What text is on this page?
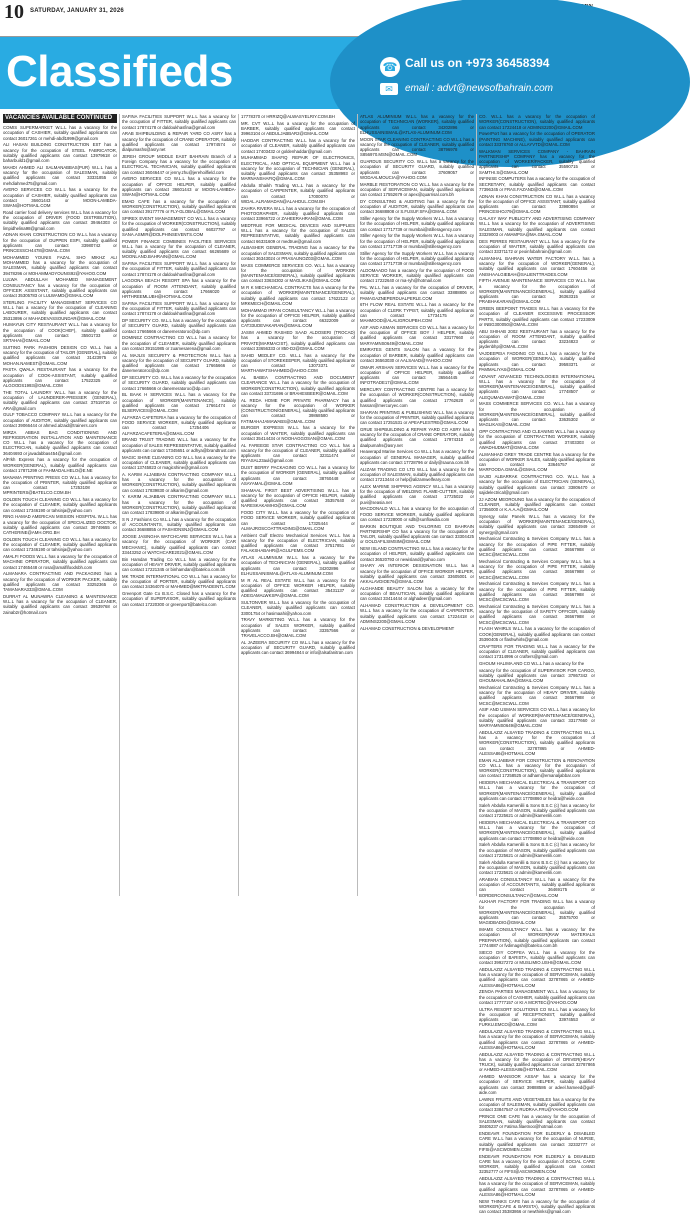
10 SATURDAY, JANUARY 31, 2026
Classifieds	☎ Call us on +973 36458394
✉	email : advt@newsofbahrain.com
VACANCIES AVAILABLE CONTINUED

COMIS SUPERMARKET W.L.L has a vacancy for the occupation of CASHIER, suitably qualified applicants can contact 36017261 or mehdi-abdl1999@gmail.com

ALI HASAN BUILDING CONSTRUCTION EST has a vacancy for the occupation of STEEL FABRICATOR, suitably qualified applicants can contact 13979618 or baharbuild1@gmail.com

MAHDI AHMED ALI SALMANABBAS(PUR) W.L.L has a vacancy for the occupation of SALESMAN, suitably qualified applicants can contact 33331855 or mehdiahmed75@gmail.com

AVERO SERVICES CO W.L.L has a vacancy for the occupation of CASHIER, suitably qualified applicants can contact 36601443 or MOON-LAMBDA-SWAN@HOTMAIL.COM

Road carrier food delivery services W.L.L has a vacancy for the occupation of DRIVER (FOOD DISTRIBUTION), suitably qualified applicants can contact 39464303 or limpidhelina98@gmail.com

ADNAN KHAN CONSTRUCTION CO W.L.L has a vacancy for the occupation of DUPPEN ESPI, suitably qualified applicants can contact 33980742 or PRINCESSCH4478@GMAIL.COM

MOHAMMED YOUNIS FAZAL SHO MIKHZ ALI MOHAMMED has a vacancy for the occupation of SALESMAN, suitably qualified applicants can contact 39478296 or MOHAMMADYOUNIS92@YAHOO.COM

LULWA ABDULLAH MOHAMED MANAGEMENT CONSULTANCY has a vacancy for the occupation of OFFICER ASSISTANT, suitably qualified applicants can contact 35305783 or LULWAMD@GMAIL.COM

STERLING FACILITY MANAGEMENT SERVICES CO W.L.L has a vacancy for the occupation of CLEANING LABOURER, suitably qualified applicants can contact 35313896 or MAHADEVASSOUNDAR@GMAIL.COM

HUMAYUN CITY RESTAURANT W.L.L has a vacancy for the occupation of COOK(CHEF), suitably qualified applicants can contact 35501733 or SRTAHAI@GMAIL.COM

SUITING PARK FASHION DESIGN CO W.L.L has a vacancy for the occupation of TAILOR (GENERAL), suitably qualified applicants can contact 31423975 or MOHAN.NAMEST@GMAIL.COM

PASTA QWALA RESTAURANT has a vacancy for the occupation of COOK-ASSISTANT, suitably qualified applicants can contact 17522325 or ALGOODS1993@GMAIL.COM

THE TOTAL LAUNDRY W.L.L has a vacancy for the occupation of LAUNDERER-PRESSER (GENERAL), suitably qualified applicants can contact 37519716 or ARA@gmail.com

GULF TOBACCO COMPANY W.L.L has a vacancy for the occupation of AUDITOR, suitably qualified applicants can contact 39066444 or ahmed.alzaid@trainers.com

MIRZA ABBAS BAG CONDITIONING AND REFRIGERATION INSTALLATION AND MAINTENANCE CO W.L.L has a vacancy for the occupation of ELECTRICIAN, suitably qualified applicants can contact 36404693 or javadabbas454@gmail.com

AlFrkh Express has a vacancy for the occupation of WORKER(GENERAL), suitably qualified applicants can contact 17871299 or FAHMADALHELO@E.NE

MANAMA PRINTING PRESS CO W.L.L has a vacancy for the occupation of PRINTER, suitably qualified applicants can contact 17253108 or MPRINTERS@BATELCO.COM.BH

GOLDEN TOUCH CLEANING CO W.L.L has a vacancy for the occupation of CLEANER, suitably qualified applicants can contact 17346190 or tahsinja@yahoo.com

RING HAMAD AMERICAN MISSION HOSPITAL W.L.L has a vacancy for the occupation of SPECIALIZED DOCTOR, suitably qualified applicants can contact 39749655 or CATHERINE@AMH.ORG.BH

GOLDEN TOUCH CLEANING CO W.L.L has a vacancy for the occupation of CLEANER, suitably qualified applicants can contact 17346190 or tahsinja@yahoo.com

AMALFI FOODS W.L.L has a vacancy for the occupation of MACHINE OPERATOR, suitably qualified applicants can contact 17465448 or rosa@amalfifoodsbh.com

ALMANARA CONTRACTING AND PACKAGING has a vacancy for the occupation of WORKER PACKER, suitably qualified applicants can contact 33252365 or TAMANARA333@GMAIL.COM

DURRAT AL MUNAWRA CLEANING & MAINTENANCE W.L.L has a vacancy for the occupation of CLEANER, suitably qualified applicants can contact 39539768 or zainab2r@hotmail.com

SAFINA FACILITIES SUPPORT W.L.L has a vacancy for the occupation of FITTER, suitably qualified applicants can contact 17874178 or daldoukhasfina@gmail.com

ARAB SHIPBUILDING & REPAIR YARD CO ASRY has a vacancy for the occupation of CRANE OPERATOR, suitably qualified applicants can contact 17974574 or dialpumashs@asry.net

JEREH GROUP MIDDLE EAST BAHRAIN Branch of a Foreign Company has a vacancy for the occupation of ELECTRICAL TECHNICIAN, suitably qualified applicants can contact 36046447 or jenny.zhu@jerehoilfield.com

AVERO SERVICES CO W.L.L has a vacancy for the occupation of OFFICE HELPER, suitably qualified applicants can contact 36601443 or MOON-LAMBDA-SWAN@HOTMAIL.COM

EMAD CAFE has a vacancy for the occupation of WORKER(CONSTRUCTION), suitably qualified applicants can contact 39177776 or FLY-GLOBAL@GMAIL.COM

SPIREX EVENT MANAGEMENT CO W.L.L has a vacancy for the occupation of WORKER(CONSTRUCTION), suitably qualified applicants can contact 66027797 or SANA.ASMIR@DOLPHINSEVENTS.COM

POWER FINANCE COMBINES FACILITIES SERVICES W.L.L has a vacancy for the occupation of CLEANER, suitably qualified applicants can contact 66265689 or MOONLAND.BAHRAIN@GMAIL.COM

SAFINA FACILITIES SUPPORT W.L.L has a vacancy for the occupation of FITTER, suitably qualified applicants can contact 17874178 or daldoukhasfina@gmail.com

LAGOONA BEACH RESORT SPA has a vacancy for the occupation of ROOM ATTENDANT, suitably qualified applicants can contact 17666020 or HRTHREEMLUBH@HOTMAIL.COM

SAFINA FACILITIES SUPPORT W.L.L has a vacancy for the occupation of FITTER, suitably qualified applicants can contact 17874178 or daldoukhasfina@gmail.com

DP SECURITY CO. W.L.L has a vacancy for the occupation of SECURITY GUARD, suitably qualified applicants can contact 17665666 or danemeratoroc@dp.com

DOMINEZ CONTRACTING CO W.L.L has a vacancy for the occupation of CLEANER, suitably qualified applicants can contact 39151985 or zuamesarena@gmail.com

AL MAJLIS SECURITY & PROTECTION W.L.L has a vacancy for the occupation of SECURITY GUARD, suitably qualified applicants can contact 17665666 or danemeratoroc@dp.com

DP SECURITY CO. W.L.L has a vacancy for the occupation of SECURITY GUARD, suitably qualified applicants can contact 17665666 or danemeratoroc@dp.com

BL BAAK H SERVICES W.L.L has a vacancy for the occupation of WORKER(MAINTENANCE), suitably qualified applicants can contact 17661474 or BLSERVICES@GMAIL.COM

ALFARZA CAFETERIA has a vacancy for the occupation of FOOD SERVICE WORKER, suitably qualified applicants can contact 17254406 or ALFARZACAFETERIA@GMAIL.COM

BRAND TRUST TRADING W.L.L has a vacancy for the occupation of SALES REPRESENTATIVE, suitably qualified applicants can contact 17345651 or adhya@brandtrust.com

MAGIC SHINE CLEANING CO W.L.L has a vacancy for the occupation of CLEANER, suitably qualified applicants can contact 13745823 or magicshine@gmail.com

A. KARIM ALJABBAN CONTRACTING COMPANY W.L.L has a vacancy for the occupation of WORKER(CONSTRUCTION), suitably qualified applicants can contact 17839830 or alkarim@gmail.com

Y. KARIM ALJABBAN CONTRACTING COMPANY W.L.L has a vacancy for the occupation of WORKER(CONSTRUCTION), suitably qualified applicants can contact 17839800 or alkarim@gmail.com

S N J Fashions Co W.L.L has a vacancy for the occupation of ACCOUNTANTS, suitably qualified applicants can contact 36688855 or FASHIONSNJ@GMAIL.COM

JOOSE JASINGHA WATCHCARE SERVICES W.L.L has a vacancy for the occupation of WORKER (CAR MECHANIC), suitably qualified applicants can contact 33443252 or WATCHCARE2021@GMAIL.COM

Bin Hamdan Trading Co W.L.L has a vacancy for the occupation of HEAVY DRIVER, suitably qualified applicants can contact 17221345 or binhamdan@batelco.com.bh

MK TRADE INTERNATIONAL CO W.L.L has a vacancy for the occupation of PORTER, suitably qualified applicants can contact 34364070 or MAHMED@MKTRADEINTL.COM

Greenport Gate Co B.S.C. Closed has a vacancy for the occupation of SUPERVISOR, suitably qualified applicants can contact 17220300 or greenport@batelco.com

17778370 or HRRIZQ@ALWASYELRIY.COM.BH

MR. CVT W.L.L has a vacancy for the occupation of BARBER, suitably qualified applicants can contact 39963104 or ABDULJABBAR2@GMAIL.COM

HADDAR CONTRACTING W.L.L has a vacancy for the occupation of CLEANER, suitably qualified applicants can contact 17403432 or goldenhaddar@gmail.com

MUHAMMAD SHAFIQ REPAIR OF ELECTRONICS, ELECTRICAL, AND OPTICAL EQUIPMENT W.L.L has a vacancy for the occupation of TECHNICIAN (GENERAL), suitably qualified applicants can contact 35358993 or MARNANSHAFIQ@GMAIL.COM

Abdulla Shaikh Trading W.L.L has a vacancy for the occupation of CARPENTER, suitably qualified applicants can contact 17000070 or WIDAL.ALRAMADAN@ALAHDUL.COM.BH

ZAHRA RIVERA W.L.L has a vacancy for the occupation of PHOTOGRAPHER, suitably qualified applicants can contact 33966722 or ZAHEERAHRAN@GMAIL.COM

MEDTRUE FOR MEDICAL DEVICES AND SUPPLIES W.L.L has a vacancy for the occupation of SALES REPRESENTATIVE, suitably qualified applicants can contact 66331609 or medtrue@gmail.com

ALBASHER GENERAL TRADING has a vacancy for the occupation of SALESMAN, suitably qualified applicants can contact 36343024 or PRASAUNOZ03@GMAIL.COM

MASS COMMERCE SERVICES CO. W.L.L has a vacancy for the occupation of WORKER (MAINTENANCE/GENERAL), suitably qualified applicants can contact 33634302 or MAGLIKAS@GMAIL.COM

M R K MECHANICAL CONTRACTS has a vacancy for the occupation of WORKER(MAINTENANCE/GENERAL), suitably qualified applicants can contact 17622122 or MRKMECH@GMAIL.COM

MOHAMMAD IRFAN CONSULTANCY W.L.L has a vacancy for the occupation of OFFICE HELPER, suitably qualified applicants can contact 66322009 or CAT33UDEVAKARAN@GMAIL.COM

JASIM AHMED RASHED SAAD ALDOSERI (TROCAD) has a vacancy for the occupation of PRIVATE(MARMACIST), suitably qualified applicants can contact 33656333 or 850-D2@GMAIL.COM

SAHID MEDLEY CO. W.L.L has a vacancy for the occupation of STOREKEEPER, suitably qualified applicants can contact 13073371 or MARTHAWATSHAHMED@AHOO.COM

AL BABEA CONTRACTING AND DOCUMENT CLEARANCE W.L.L has a vacancy for the occupation of WORKER(CONSTRUCTION), suitably qualified applicants can contact 33731696 or BRAHESBEER@GMAIL.COM

AL REDA HOME FOR PRIVATE PHARMACY has a vacancy for the occupation of WORKER (CONSTRUCTION/GENERAL), suitably qualified applicants can contact 39868580 or FATIMAHAJAMAWABS@GMAIL.COM

BURGER EXPRESS W.L.L has a vacancy for the occupation of WAITER, suitably qualified applicants can contact 35414434 or NOOHAGGOSAN@GMAIL.COM

AL FAREEGE STAR CONTRACTING CO W.L.L has a vacancy for the occupation of CLEANER, suitably qualified applicants can contact 32311474 or RIYASAL23aul@gmail.com

DUST BERRY PACKAGING CO W.L.L has a vacancy for the occupation of WORKER (GENERAL), suitably qualified applicants can contact 38760448 or ASAYAMAL@GMAIL.COM

SHAMAAL FIRST BEST ADVERTISING W.L.L has a vacancy for the occupation of OFFICE HELPER, suitably qualified applicants can contact 35357640 or NARESKAKAMHO@GMAIL.COM

FOOD CITY W.L.L has a vacancy for the occupation of FOOD SERVICE WORKER, suitably qualified applicants can contact 17325444 or ALMAJROSCOATTRADING@GMAIL.COM

Ambient Gulf Electro Mechanical Services W.L.L has a vacancy for the occupation of ELECTRICIAN, suitably qualified applicants can contact 37517851 or FALAKSHABAHR@AGULFEMS.COM

ATLAS ALUMINIUM W.L.L has a vacancy for the occupation of TECHNICIAN (GENERAL), suitably qualified applicants can contact 34202896 or ELHUSSAINISMAIL@ATLAS-ALUMINUM.COM

M R AL REAL ESTATE W.L.L has a vacancy for the occupation of OFFICE WORKER HELPER, suitably qualified applicants can contact 35431137 or ADEGAMALWKSPA@GMAIL.COM

SULTONVER W.L.L has a vacancy for the occupation of CLEANER, suitably qualified applicants can contact 33001754 or hasimaahi@yahoo.com

TRAVY MARKETING W.L.L has a vacancy for the occupation of SALES WORKER, suitably qualified applicants can contact 33357566 or TRAVELACCO.BH@GMAIL.COM

AL JAZEERA SECURITY CO W.L.L has a vacancy for the occupation of SECURITY GUARD, suitably qualified applicants can contact 36994844 or info@alsafanitran.com

ATLAS ALUMINIUM W.L.L has a vacancy for the occupation of TECHNICIAN (WORKER), suitably qualified applicants can contact 34202896 or ELHUSSAINISMAIL@ATLAS-ALUMINUM.COM

MOON STAR CLEANING CONTRACTING CO W.L.L has a vacancy for the occupation of CLEANER, suitably qualified applicants can contact 38796978 or S856970.MSN@GMAIL.COM

GUARDUS SECURITY CO. W.L.L has a vacancy for the occupation of SECURITY GUARD, suitably qualified applicants can contact 37609057 or WODAALMOUCIA@YAHOO.COM

MARBLE RESTORATION CO W.L.L has a vacancy for the occupation of SERVICEMAN, suitably qualified applicants can contact 17552679 or apex@quarrisal.com.bh

DY CONSULTING & AUDITING has a vacancy for the occupation of AUDITOR, suitably qualified applicants can contact 36688808 or S.FUSUF.SFA@GMAIL.COM

Stiller Agency for the Supply Workers W.L.L has a vacancy for the occupation of HELPER, suitably qualified applicants can contact 17717739 or mumbai@stilleragency.com

Stiller Agency for the Supply Workers W.L.L has a vacancy for the occupation of HELPER, suitably qualified applicants can contact 17717739 or mumbai@stilleragency.com

Stiller Agency for the Supply Workers W.L.L has a vacancy for the occupation of HELPER, suitably qualified applicants can contact 17717739 or mumbai@stilleragency.com

ALDOMAADO has a vacancy for the occupation of FOOD SERVICE WORKER, suitably qualified applicants can contact 17222640 or ma-ryh@hotmail.com

PAL W.L.L has a vacancy for the occupation of DRIVER, suitably qualified applicants can contact 33888806 or PAMAGAZNEPERDUALPERLE.COM

6TH FLOW REAL ESTATE W.L.L has a vacancy for the occupation of CLERK TYPIST, suitably qualified applicants can contact 17734175 or MAHMOOD@ALALIGROUPBH.COM

ASF AND ASMAN SERVICES CO W.L.L has a vacancy for the occupation of OFFICE BOY / HELPER, suitably qualified applicants can contact 33177660 or MARYAMNS0649@GMAIL.COM

EMIRATES GENTS SALON has a vacancy for the occupation of BARBER, suitably qualified applicants can contact 36563030 or AALSAIAD@YAHOO.COM

OMAIR ARSHAN SERVICES W.L.L has a vacancy for the occupation of OFFICE HELPER, suitably qualified applicants can contact 36564445 or INFOTRADE17@GMAIL.COM

MERCURY CONTRACTING CENTRE has a vacancy for the occupation of WORKER(CONSTRUCTION), suitably qualified applicants can contact 17762620 or hassan@mercuryec.com

SHARAN PRINTING & PUBLISHING W.L.L has a vacancy for the occupation of PRINTER, suitably qualified applicants can contact 17251531 or APEAPLESTRE@GMAIL.COM

GRUE SHIPBUILDING & REPAIR YARD CO ASRY has a vacancy for the occupation of CRANE OPERATOR, suitably qualified applicants can contact 17974310 or daalpumahs@asry.net

Heaverapd Marine Services Co W.L.L has a vacancy for the occupation of GENERAL MANAGER, suitably qualified applicants can contact 17728796 or daily@sauna.com.bh

ALIZAM TRADING CO LTD W.L.L has a vacancy for the occupation of SALESMAN, suitably qualified applicants can contact 17213444 or help@alizamwelfeary.com

ALEX MARINE SHIPPING AGENCY W.L.L has a vacancy for the occupation of WELDING FLAME-CUTTER, suitably qualified applicants can contact 17725022 or puvi@seasia.net

MACDONALD W.L.L has a vacancy for the occupation of FOOD SERVICE WORKER, suitably qualified applicants can contact 17228000 or sdlt@sunflowdia.com

BARKIN BOUTIQUE AND TAILORING CO BAHRAIN PARTNERSHIP CO has a vacancy for the occupation of TAILOR, suitably qualified applicants can contact 33304425 or GOLDAFILSIMSIM@GMAIL.COM

NEW ISLAND CONTRACTING W.L.L has a vacancy for the occupation of HELPER, suitably qualified applicants can contact 36520793 or newisland@yahoo.com

SHARY AN INTERIOR DESIGNATION W.L.L has a vacancy for the occupation of OFFICE WORKER HELPER, suitably qualified applicants can contact 33605001 or AKKALAVDIOE76@GMAIL.COM

ALGHANDE BEAUTY SALON has a vacancy for the occupation of BEAUTICIAN, suitably qualified applicants can contact 33414444 or alghadeer@gmail.com

ALHAMAD CONSTRUCTION & DEVELOPMENT CO. W.L.L has a vacancy for the occupation of CARPENTER, suitably qualified applicants can contact 17224418 or ADMINS2200@GMAIL.COM

ALHAMAD CONSTRUCTION & DEVELOPMENT

CO. W.L.L has a vacancy for the occupation of WORKER(CONSTRUCTION), suitably qualified applicants can contact 17224418 or ADMINS2200@GMAIL.COM

PowerPort has a vacancy for the occupation of OPERATOR (PAINTING MACHINE), suitably qualified applicants can contact 33378760 or ALLAYVTD@GMAIL.COM

WALKMAN SERVICES COMPANY - BAHRAIN PARTNERSHIP COMPANY has a vacancy for the occupation of WORKER/PACKER, suitably qualified applicants can contact 35590715 or SAMTHI.S@GMAIL.COM

INFINISE COMPUTERS has a vacancy for the occupation of SECRETARY, suitably qualified applicants can contact 77396345 or FRAS.FAZAND@GMAIL.COM

ADNAN KHAN CONSTRUCTION CO W.L.L has a vacancy for the occupation of OFFICE ASSISTANT, suitably qualified applicants can contact 33980894 or PRINCESHOJ79@GMAIL.COM

GALAXY WAY PUBLICITY AND ADVERTISING COMPANY W.L.L has a vacancy for the occupation of ADVERTISING SALESMAN, suitably qualified applicants can contact 33329003 or AMAMPSA@MA.GMAIL.COM

DES PERRES RESTAURANT W.L.L has a vacancy for the occupation of WAITER, suitably qualified applicants can contact 33371172 or peoinfobahrain@gmail.com

ALMANHAL BAHRAIN WATER FACTORY W.L.L has a vacancy for the occupation of WORKER(GENERAL), suitably qualified applicants can contact 17604456 or ANISHAALGIEBAH@SALIENTTRADES.COM

FIFTH AVENUE MAINTENANCE SERVICES CO W.L.L has a vacancy for the occupation of WORKER(MAINTENANCE/GENERAL), suitably qualified applicants can contact 36363315 or PRABHAKARAN@GMAIL.COM

GREEN BEEPOINT TRADES W.L.L has a vacancy for the occupation of CLEANER EXCESSIVE PROCESSOR PARTS, suitably qualified applicants can contact 17233009 or INBG300050@GMAIL.COM

ABU SHIHAB 2002 RESTAURANT has a vacancy for the occupation of ROOM ATTENDANT, suitably qualified applicants can contact 33234823 or jaydenbhp@GMAIL.COM

VAJDEEPEIA FADDING CO W.L.L has a vacancy for the occupation of WORKER(GENERAL), suitably qualified applicants can contact 39593371 or PAMMALIYAS@GMAIL.COM

ADVANT ADVANCED TECHNOLOGIES INTERNATIONAL W.L.L has a vacancy for the occupation of WORKER(MAINTENANCE/GENERAL), suitably qualified applicants can contact 17748507 or ALEQUMADAWAT@GMAIL.COM

MASS COMMERCE SERVICES CO. W.L.L has a vacancy for the occupation of WORKER(MAINTENANCE/GENERAL), suitably qualified applicants can contact 33635302 or MAGLIKAS@GMAIL.COM

OPP CONTRACTING AND CLEANING W.L.L has a vacancy for the occupation of CONTRACTING WORKER, suitably qualified applicants can contact 37403303 or AWADHUDMAT@GMAIL.COM

ALMANHAD GREY TRADE CENTRE has a vacancy for the occupation of WORKER SALES, suitably qualified applicants can contact 33646757 or MARFOODA.GMAIL@GMAIL.COM

SAJID ALBARRAK CONTRACTING CO. W.L.L has a vacancy for the occupation of ELECTRICIAN (GENERAL), suitably qualified applicants can contact 33806470 or sajidelectrical@gmail.com

2J AZOM MEOROUNG has a vacancy for the occupation of CLEANER, suitably qualified applicants can contact 17356000 or K.A.A.A@GMAIL.COM

Synergy solar Panels W.L.L has a vacancy for the occupation of WORKER(MAINTENANCE/GENERAL), suitably qualified applicants can contact 33654949 or synergy@gmail.com

Mechanical Contracting & Services Company W.L.L has a vacancy for the occupation of PIPE FITTER, suitably qualified applicants can contact 36567988 or MCSC@MCSCWLL.COM

Mechanical Contracting & Services Company W.L.L has a vacancy for the occupation of PIPE FITTER, suitably qualified applicants can contact 36567988 or MCSC@MCSCWLL.COM

Mechanical Contracting & Services Company W.L.L has a vacancy for the occupation of PIPE FITTER, suitably qualified applicants can contact 36567988 or MCSC@MCSCWLL.COM

Mechanical Contracting & Services Company W.L.L has a vacancy for the occupation of SAFETY OFFICER, suitably qualified applicants can contact 36567988 or MCSC@MCSCWLL.COM

FLASH WHIRLS W.L.L has a vacancy for the occupation of COOK(GENERAL), suitably qualified applicants can contact 35390405 or flashwhirls@gmail.com

CRAFTERS FOR TRADING W.L.L has a vacancy for the occupation of CLEANER, suitably qualified applicants can contact 17314996 or crafters@gmail.com

GHOUM HALIMA AND CO W.L.L has a vacancy for the

vacancy for the occupation of SUPERVISOR FOR CARGO, suitably qualified applicants can contact 37867342 or GHOUMAHALIMA@GMAIL.COM

Mechanical Contracting & Services Company W.L.L has a vacancy for the occupation of HEAVY DRIVER, suitably qualified applicants can contact 36567988 or MCSC@MCSCWLL.COM

ASIF AND USMAN SERVICES CO W.L.L has a vacancy for the occupation of WORKER(MAINTENANCE/GENERAL), suitably qualified applicants can contact 33177660 or MARYAMNS0649@GMAIL.COM

ABDULAZIZ ALSAYED TRADING & CONTRACTING W.L.L has a vacancy for the occupation of WORKER(CONSTRUCTION), suitably qualified applicants can contact 32787865 or AHMED-ALESSA86@HOTMAIL.COM

EMAN ALJABBAR FOR CONSTRUCTION & RENOVATION CO W.L.L has a vacancy for the occupation of WORKER(CONSTRUCTION), suitably qualified applicants can contact 17258525 or adham@emanaljabbar.com

HEIDERA MECHANICAL ELECTRICAL & TRANSPORT CO W.L.L has a vacancy for the occupation of WORKER(MAINTENANCE/GENERAL), suitably qualified applicants can contact 17708860 or heidra@heide.com

Saleh Abdulla Kamenlili & Sons B.S.C (c) has a vacancy for the occupation of MASON, suitably qualified applicants can contact 17225621 or admin@kamenlili.com

HEIDERA MECHANICAL ELECTRICAL & TRANSPORT CO W.L.L has a vacancy for the occupation of WORKER(MAINTENANCE/GENERAL), suitably qualified applicants can contact 17708860 or heidra@heide.com

Saleh Abdulla Kamenlili & Sons B.S.C (c) has a vacancy for the occupation of MASON, suitably qualified applicants can contact 17225621 or admin@kamenlili.com

Saleh Abdulla Kamenlili & Sons B.S.C (c) has a vacancy for the occupation of MASON, suitably qualified applicants can contact 17225621 or admin@kamenlili.com

ARABIAN CONSULTANCY W.L.L has a vacancy for the occupation of ACCOUNTANTS, suitably qualified applicants can contact 36469175 or BORDERCONSULTANCY@GMAIL.COM

ALKHAR FACTORY FOR TRADING W.L.L has a vacancy for the occupation of WORKER(MAINTENANCE/GENERAL), suitably qualified applicants can contact 35575700 or MAGIDBADIG@GMAIL.COM

IMAMS CONSULTANCY W.L.L has a vacancy for the occupation of WORKER(RAW MATERIALS PREPARATION), suitably qualified applicants can contact 17744887 or fvdimagsh@batelco.com.bh

SIECO DIY COFFEA W.L.L has a vacancy for the occupation of BARISTA, suitably qualified applicants can contact 39927272 or MUSLIMIO.USHI@GMAIL.COM

ABDULAZIZ ALSAYED TRADING & CONTRACTING W.L.L has a vacancy for the occupation of SERVICEMAN, suitably qualified applicants can contact 32787865 or AHMED-ALESSA86@HOTMAIL.COM

ZENOA PARTIES MANAGEMENT W.L.L has a vacancy for the occupation of CASHIER, suitably qualified applicants can contact 17777157 or KI A MCRTEC@YAHOO.COM

ULTRA RESORT SOLUTIONS CO W.L.L has a vacancy for the occupation of RECEPTIONIST, suitably qualified applicants can contact 33974553 or FURKU.EMCO@GMAIL.COM

ABDULAZIZ ALSAYED TRADING & CONTRACTING W.L.L has a vacancy for the occupation of SERVICEMAN, suitably qualified applicants can contact 32787865 or AHMED-ALESSA86@HOTMAIL.COM

ABDULAZIZ ALSAYED TRADING & CONTRACTING W.L.L has a vacancy for the occupation of DRIVER(HEAVY TRUCK), suitably qualified applicants can contact 32787865 or AHMED-ALESSA86@HOTMAIL.COM

AHMED MANSOOR ASSAF has a vacancy for the occupation of SERVICE HELPER, suitably qualified applicants can contact 39888586 or adeel.hameed@gulf-aide.com

LAWNS FRUITS AND VEGETABLES has a vacancy for the occupation of SALESMAN, suitably qualified applicants can contact 33847547 or RUDRAA.FRU@YAHOO.COM

PRINCE ONE CAFE has a vacancy for the occupation of SALESMAN, suitably qualified applicants can contact 38405237 or Fatima.filaetnoo@hotmail.com

ENDEAVR FOUNDATION FOR ELDERLY & DISABLED CARE W.L.L has a vacancy for the occupation of NURSE, suitably qualified applicants can contact 32332777 or FIFSI@ASCWOMEN.COM

ENDEAVR FOUNDATION FOR ELDERLY & DISABLED CARE has a vacancy for the occupation of SOCIAL CARE WORKER, suitably qualified applicants can contact 32352777 or FIFSI@ASCWOMEN.COM

ABDULAZIZ ALSAYED TRADING & CONTRACTING W.L.L has a vacancy for the occupation of SERVICEMAN, suitably qualified applicants can contact 32787865 or AHMED-ALESSA86@HOTMAIL.COM

NEW THINKS CAFE has a vacancy for the occupation of WORKER(CAFE & BARISTA), suitably qualified applicants can contact 35383866 or newthinks@gmail.com
